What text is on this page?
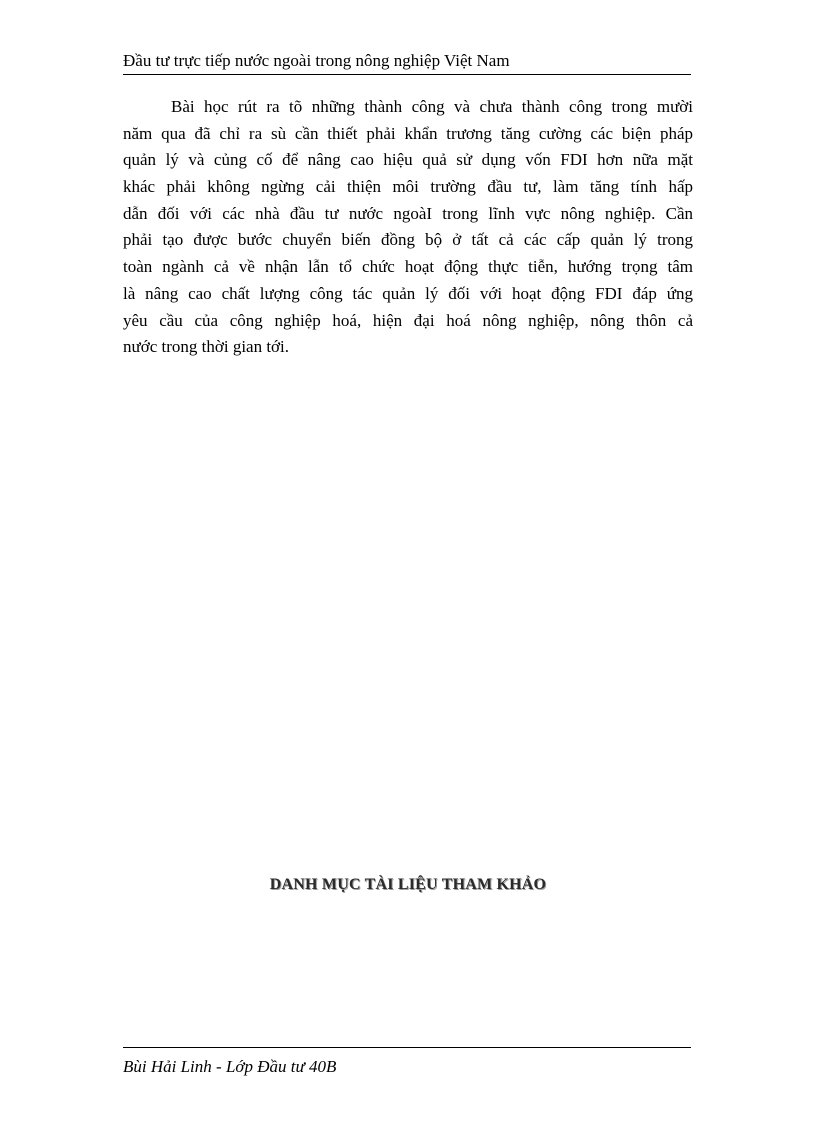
Đầu tư trực tiếp nước ngoài trong nông nghiệp Việt Nam
Bài học rút ra tõ những thành công và chưa thành công trong mười
năm qua đã chỉ ra sù cần thiết phải khẩn trương tăng cường các biện pháp
quản lý và củng cố để nâng cao hiệu quả sử dụng vốn FDI hơn nữa mặt
khác phải không ngừng cải thiện môi trường đầu tư, làm tăng tính hấp
dẫn đối với các nhà đầu tư nước ngoàI trong lĩnh vực nông nghiệp. Cần
phải tạo được bước chuyển biến đồng bộ ở tất cả các cấp quản lý trong
toàn ngành cả về nhận lẫn tổ chức hoạt động thực tiễn, hướng trọng tâm
là nâng cao chất lượng công tác quản lý đối với hoạt động FDI đáp ứng
yêu cầu của công nghiệp hoá, hiện đại hoá nông nghiệp, nông thôn cả
nước trong thời gian tới.
DANH MỤC TÀI LIỆU THAM KHẢO
Bùi Hải Linh - Lớp Đầu tư 40B
